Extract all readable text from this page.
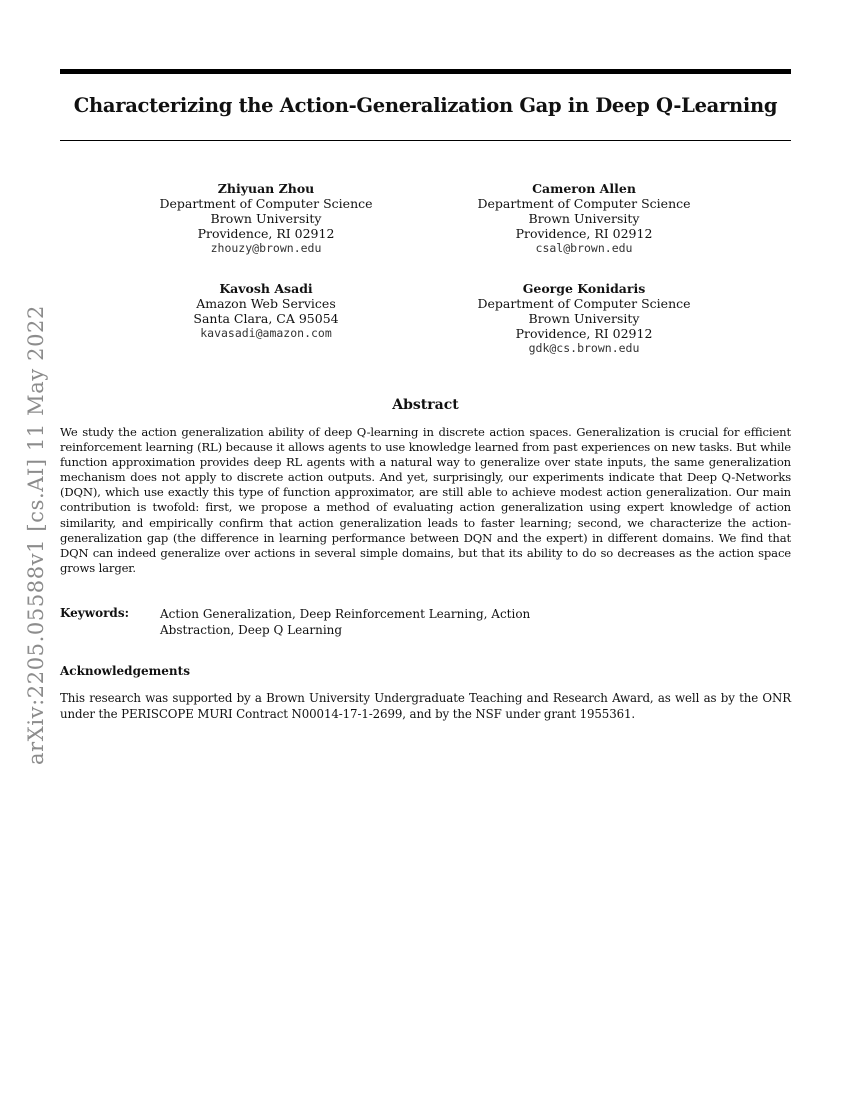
arXiv:2205.05588v1 [cs.AI] 11 May 2022
Characterizing the Action-Generalization Gap in Deep Q-Learning
Zhiyuan Zhou
Department of Computer Science
Brown University
Providence, RI 02912
zhouzy@brown.edu
Cameron Allen
Department of Computer Science
Brown University
Providence, RI 02912
csal@brown.edu
Kavosh Asadi
Amazon Web Services
Santa Clara, CA 95054
kavasadi@amazon.com
George Konidaris
Department of Computer Science
Brown University
Providence, RI 02912
gdk@cs.brown.edu
Abstract
We study the action generalization ability of deep Q-learning in discrete action spaces. Generalization is crucial for efficient reinforcement learning (RL) because it allows agents to use knowledge learned from past experiences on new tasks. But while function approximation provides deep RL agents with a natural way to generalize over state inputs, the same generalization mechanism does not apply to discrete action outputs. And yet, surprisingly, our experiments indicate that Deep Q-Networks (DQN), which use exactly this type of function approximator, are still able to achieve modest action generalization. Our main contribution is twofold: first, we propose a method of evaluating action generalization using expert knowledge of action similarity, and empirically confirm that action generalization leads to faster learning; second, we characterize the action-generalization gap (the difference in learning performance between DQN and the expert) in different domains. We find that DQN can indeed generalize over actions in several simple domains, but that its ability to do so decreases as the action space grows larger.
Keywords:	Action Generalization, Deep Reinforcement Learning, Action Abstraction, Deep Q Learning
Acknowledgements
This research was supported by a Brown University Undergraduate Teaching and Research Award, as well as by the ONR under the PERISCOPE MURI Contract N00014-17-1-2699, and by the NSF under grant 1955361.
